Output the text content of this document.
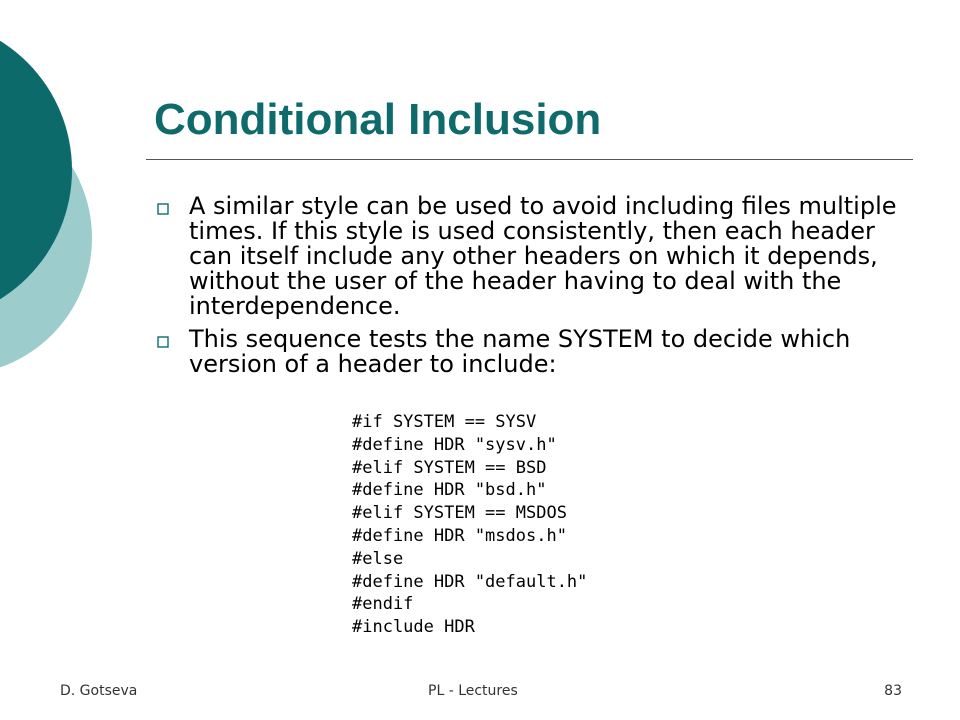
Conditional Inclusion
A similar style can be used to avoid including files multiple times. If this style is used consistently, then each header can itself include any other headers on which it depends, without the user of the header having to deal with the interdependence.
This sequence tests the name SYSTEM to decide which version of a header to include:
#if SYSTEM == SYSV
#define HDR "sysv.h"
#elif SYSTEM == BSD
#define HDR "bsd.h"
#elif SYSTEM == MSDOS
#define HDR "msdos.h"
#else
#define HDR "default.h"
#endif
#include HDR
D. Gotseva	PL - Lectures	83
